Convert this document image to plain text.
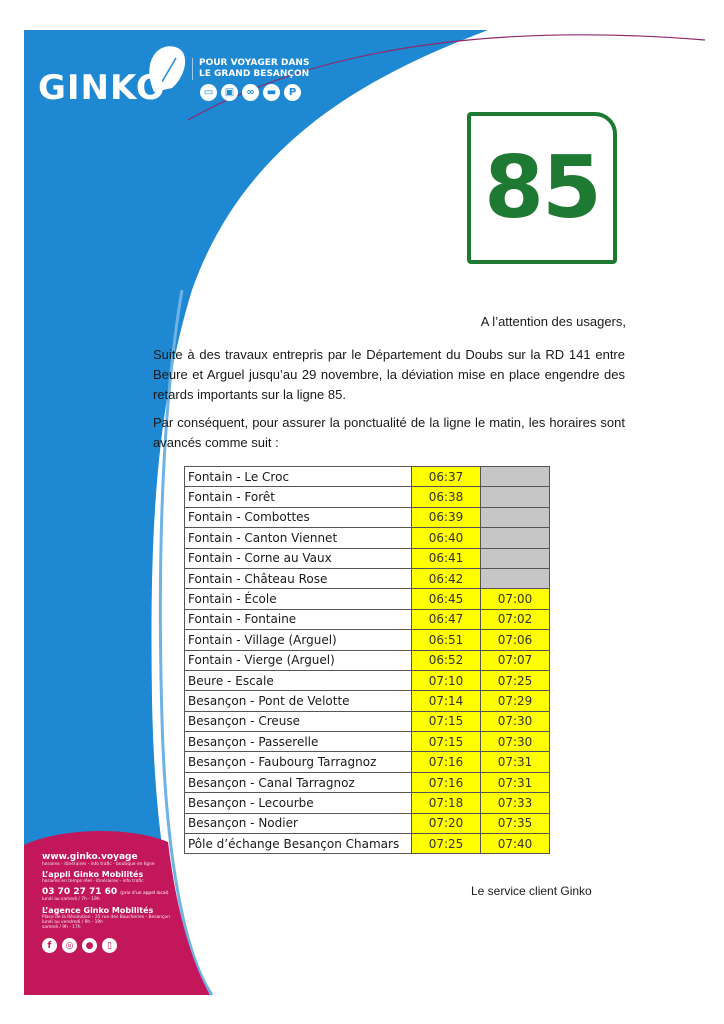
GINKO
POUR VOYAGER DANS
LE GRAND BESANÇON
▭	▣	∞	▬	P
85
A l’attention des usagers,

Suite à des travaux entrepris par le Département du Doubs sur la RD 141 entre Beure et Arguel jusqu’au 29 novembre, la déviation mise en place engendre des retards importants sur la ligne 85.

Par conséquent, pour assurer la ponctualité de la ligne le matin, les horaires sont avancés comme suit :

Fontain - Le Croc	06:37	
Fontain - Forêt	06:38	
Fontain - Combottes	06:39	
Fontain - Canton Viennet	06:40	
Fontain - Corne au Vaux	06:41	
Fontain - Château Rose	06:42	
Fontain - École	06:45	07:00
Fontain - Fontaine	06:47	07:02
Fontain - Village (Arguel)	06:51	07:06
Fontain - Vierge (Arguel)	06:52	07:07
Beure - Escale	07:10	07:25
Besançon - Pont de Velotte	07:14	07:29
Besançon - Creuse	07:15	07:30
Besançon - Passerelle	07:15	07:30
Besançon - Faubourg Tarragnoz	07:16	07:31
Besançon - Canal Tarragnoz	07:16	07:31
Besançon - Lecourbe	07:18	07:33
Besançon - Nodier	07:20	07:35
Pôle d’échange Besançon Chamars	07:25	07:40
Le service client Ginko
www.ginko.voyage
horaires - itinéraires - info trafic - boutique en ligne
L’appli Ginko Mobilités
horaires en temps réel - itinéraires - info trafic
03 70 27 71 60 (prix d’un appel local)
lundi au samedi / 7h - 19h
L’agence Ginko Mobilités
Place de la Révolution - 25 rue des Boucheries - Besançon
lundi au vendredi / 9h - 19h
samedi / 9h - 17h
f	◎	●	▯
